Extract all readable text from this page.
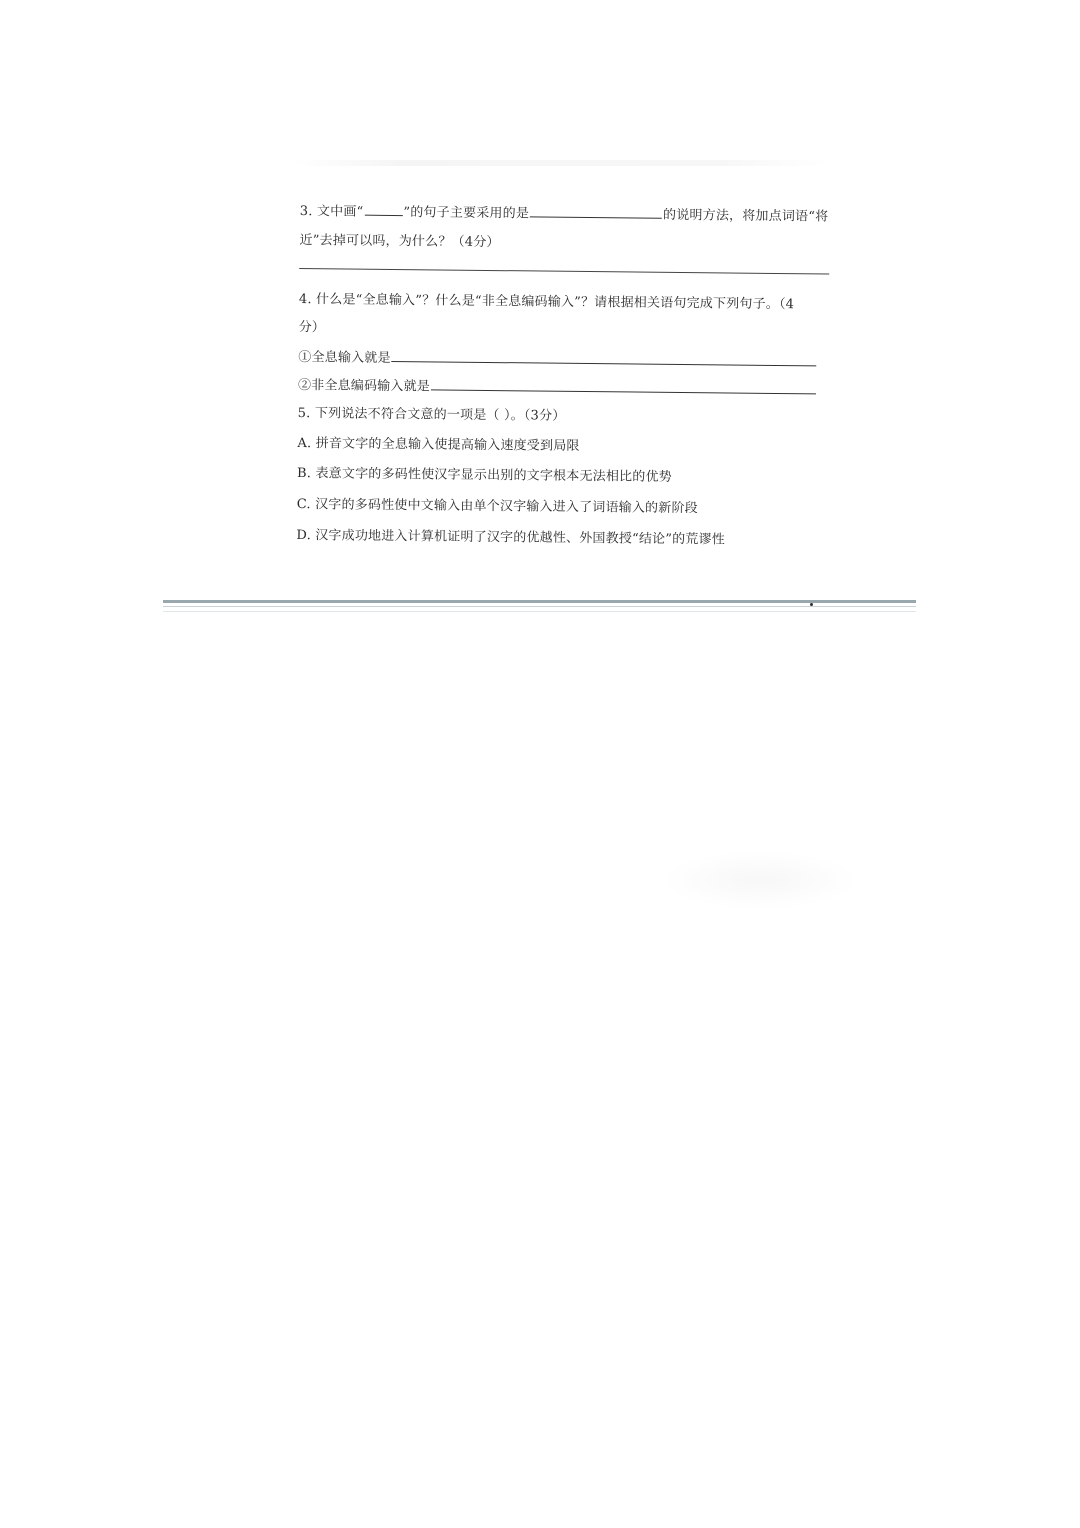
3. 文中画“	”的句子主要采用的是	的说明方法，将加点词语“将
近”去掉可以吗，为什么？（4分）
4. 什么是“全息输入”？什么是“非全息编码输入”？请根据相关语句完成下列句子。（4
分）
①全息输入就是
②非全息编码输入就是
5. 下列说法不符合文意的一项是（ ）。（3分）
A. 拼音文字的全息输入使提高输入速度受到局限
B. 表意文字的多码性使汉字显示出别的文字根本无法相比的优势
C. 汉字的多码性使中文输入由单个汉字输入进入了词语输入的新阶段
D. 汉字成功地进入计算机证明了汉字的优越性、外国教授“结论”的荒谬性
